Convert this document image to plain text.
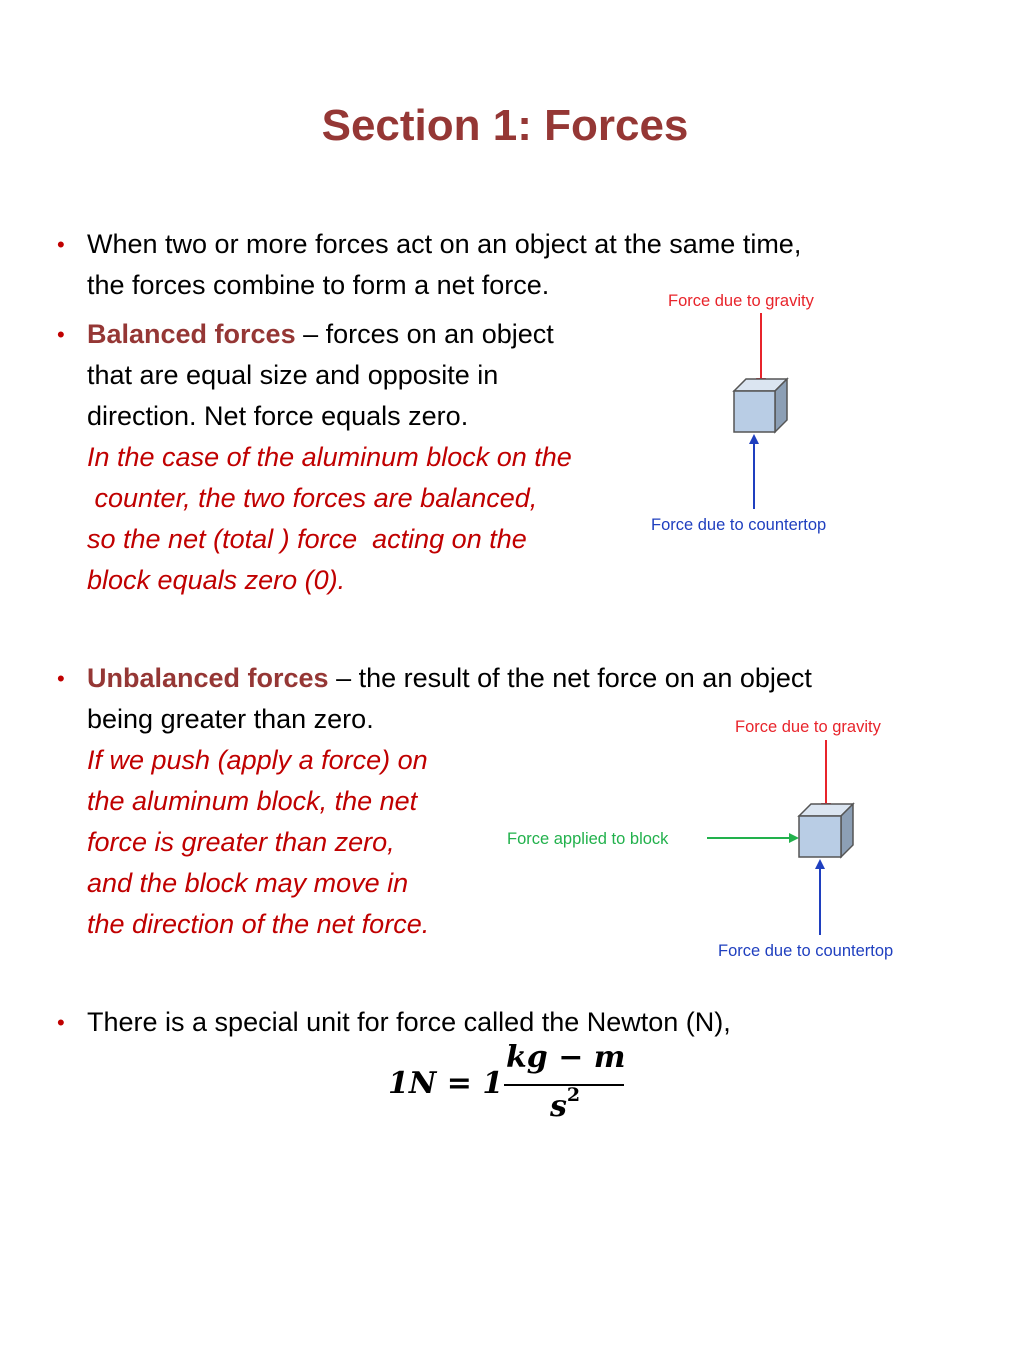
Section 1: Forces
• When two or more forces act on an object at the same time,
the forces combine to form a net force.
• Balanced forces – forces on an object
that are equal size and opposite in
direction. Net force equals zero.
In the case of the aluminum block on the
counter, the two forces are balanced,
so the net (total ) force  acting on the
block equals zero (0).
Force due to gravity
Force due to countertop
• Unbalanced forces – the result of the net force on an object
being greater than zero.
If we push (apply a force) on
the aluminum block, the net
force is greater than zero,
and the block may move in
the direction of the net force.
Force due to gravity
Force applied to block
Force due to countertop
• There is a special unit for force called the Newton (N),
1N = 1
kg − m
$s^2$
